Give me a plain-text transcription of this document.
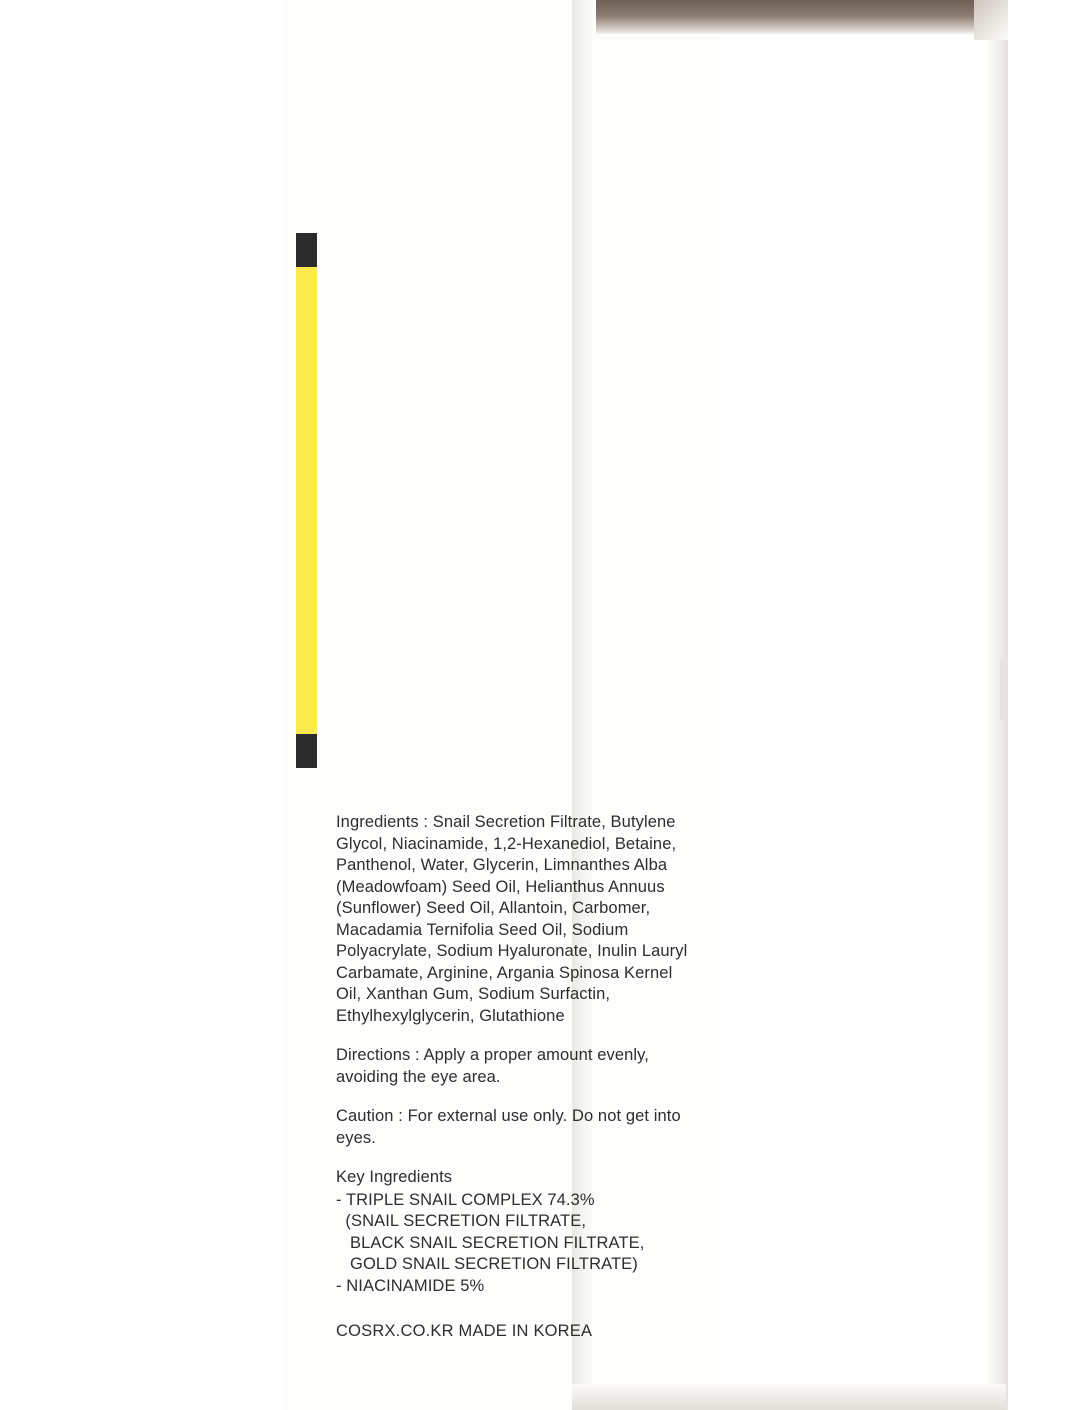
Ingredients : Snail Secretion Filtrate, Butylene Glycol, Niacinamide, 1,2-Hexanediol, Betaine, Panthenol, Water, Glycerin, Limnanthes Alba (Meadowfoam) Seed Oil, Helianthus Annuus (Sunflower) Seed Oil, Allantoin, Carbomer, Macadamia Ternifolia Seed Oil, Sodium Polyacrylate, Sodium Hyaluronate, Inulin Lauryl Carbamate, Arginine, Argania Spinosa Kernel Oil, Xanthan Gum, Sodium Surfactin, Ethylhexylglycerin, Glutathione

Directions : Apply a proper amount evenly, avoiding the eye area.

Caution : For external use only. Do not get into eyes.

Key Ingredients

- TRIPLE SNAIL COMPLEX 74.3%

(SNAIL SECRETION FILTRATE,

BLACK SNAIL SECRETION FILTRATE,

GOLD SNAIL SECRETION FILTRATE)

- NIACINAMIDE 5%

COSRX.CO.KR MADE IN KOREA
